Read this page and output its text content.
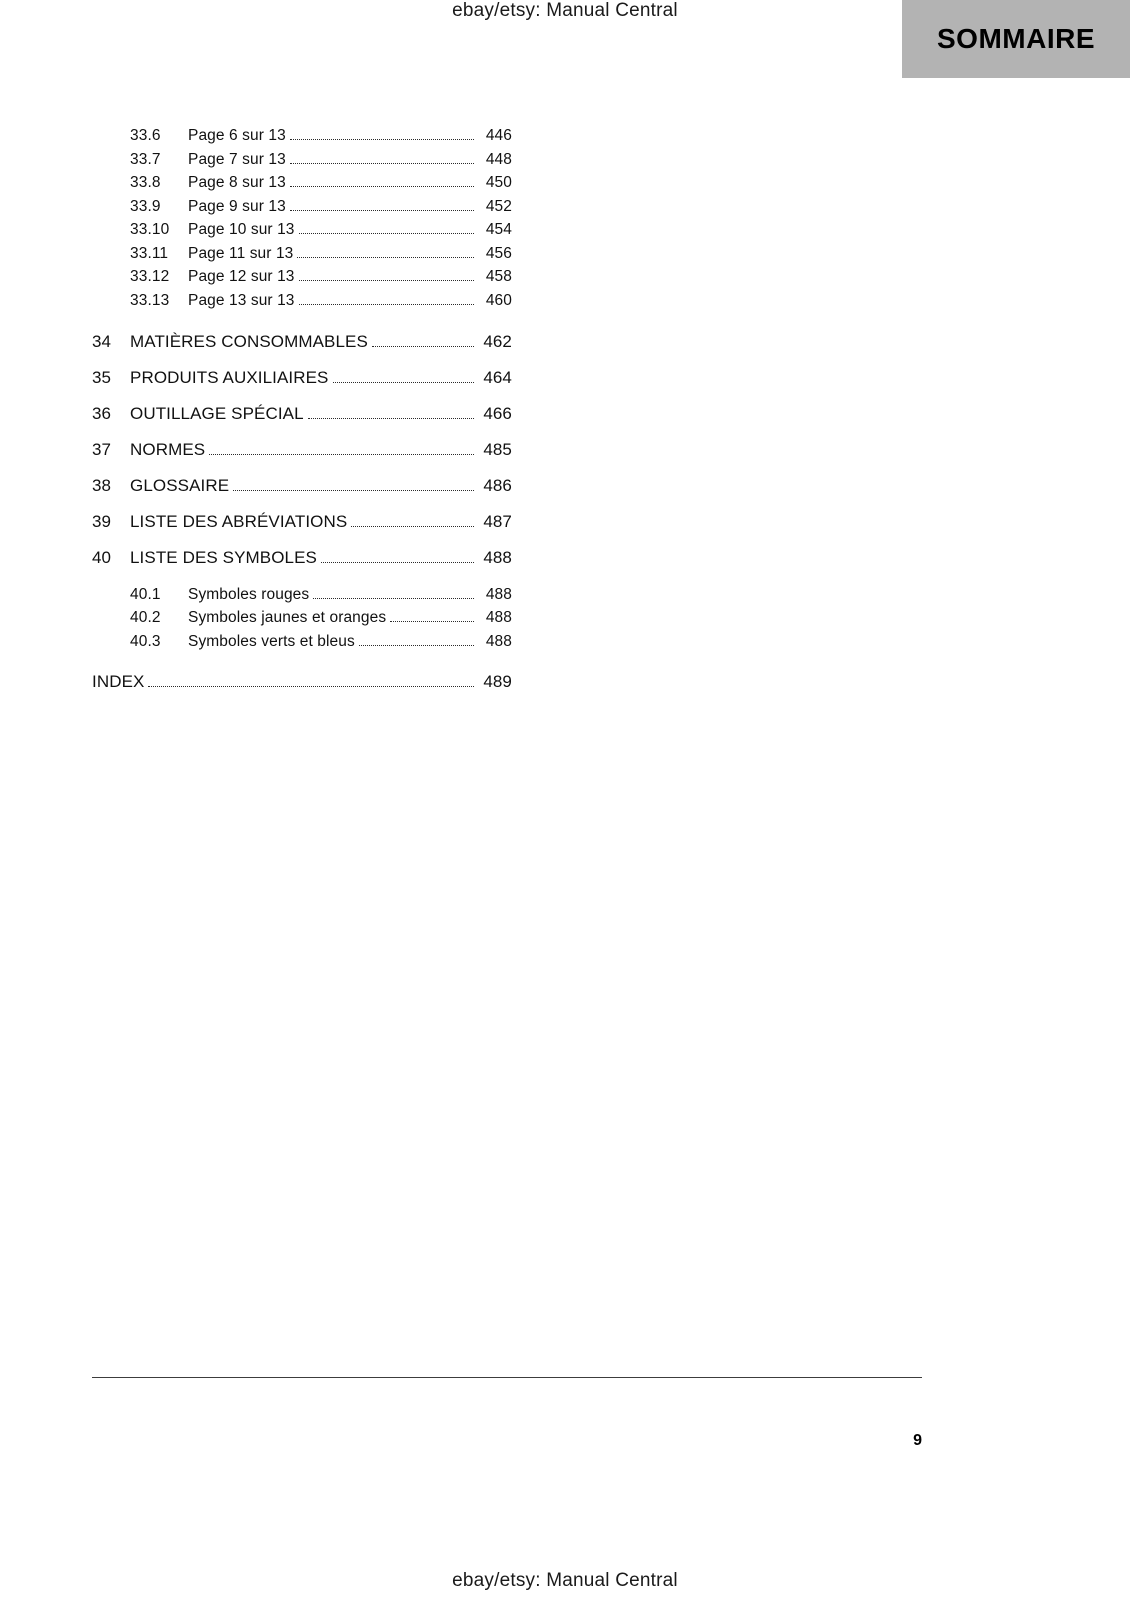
ebay/etsy: Manual Central
SOMMAIRE
33.6	Page 6 sur 13	446
33.7	Page 7 sur 13	448
33.8	Page 8 sur 13	450
33.9	Page 9 sur 13	452
33.10	Page 10 sur 13	454
33.11	Page 11 sur 13	456
33.12	Page 12 sur 13	458
33.13	Page 13 sur 13	460
34	MATIÈRES CONSOMMABLES	462
35	PRODUITS AUXILIAIRES	464
36	OUTILLAGE SPÉCIAL	466
37	NORMES	485
38	GLOSSAIRE	486
39	LISTE DES ABRÉVIATIONS	487
40	LISTE DES SYMBOLES	488
40.1	Symboles rouges	488
40.2	Symboles jaunes et oranges	488
40.3	Symboles verts et bleus	488
INDEX	489
9
ebay/etsy: Manual Central
